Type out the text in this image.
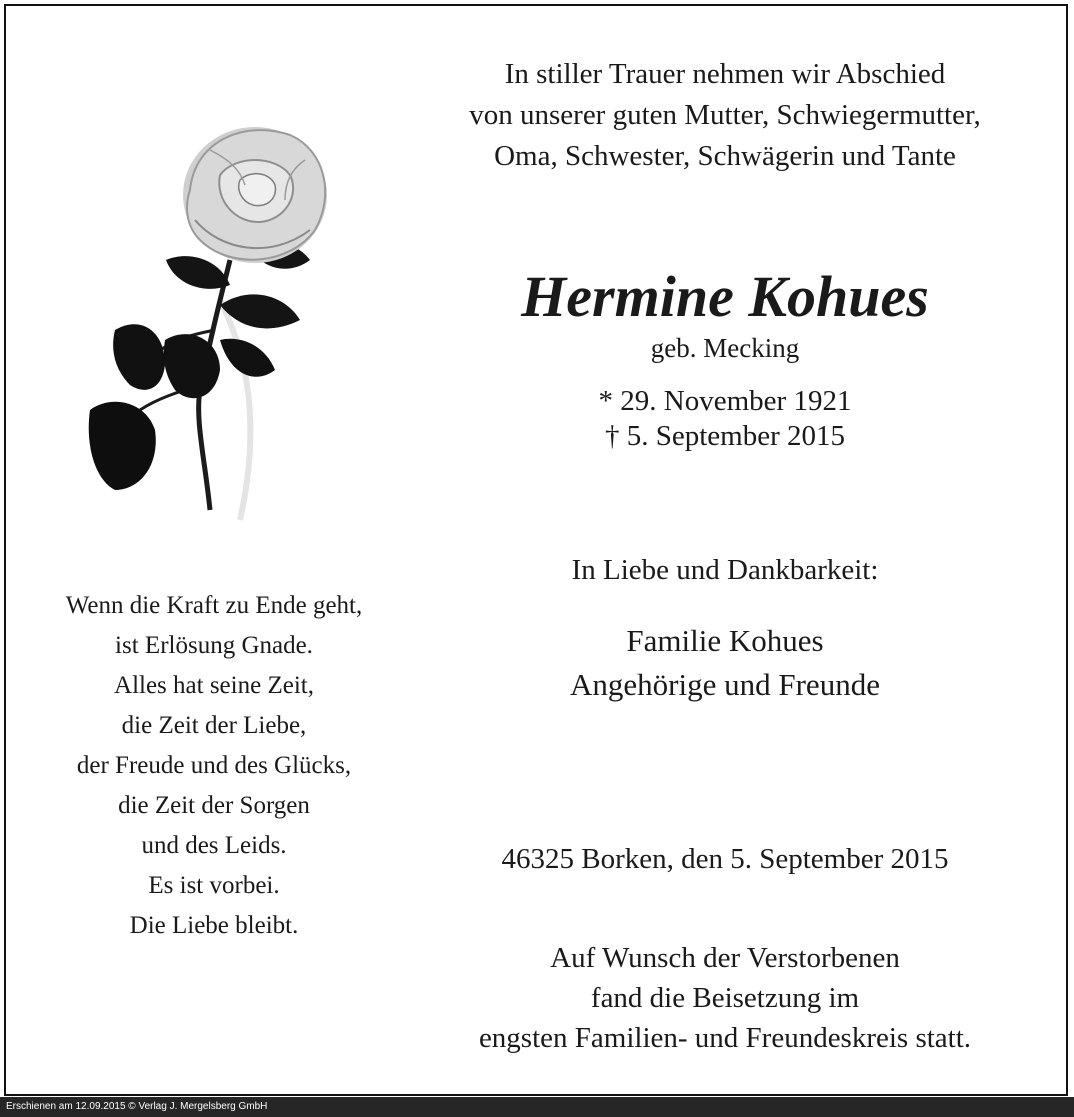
In stiller Trauer nehmen wir Abschied
von unserer guten Mutter, Schwiegermutter,
Oma, Schwester, Schwägerin und Tante
Hermine Kohues
geb. Mecking
* 29. November 1921
† 5. September 2015
In Liebe und Dankbarkeit:
Familie Kohues
Angehörige und Freunde
46325 Borken, den 5. September 2015
Auf Wunsch der Verstorbenen
fand die Beisetzung im
engsten Familien- und Freundeskreis statt.
Wenn die Kraft zu Ende geht,
ist Erlösung Gnade.
Alles hat seine Zeit,
die Zeit der Liebe,
der Freude und des Glücks,
die Zeit der Sorgen
und des Leids.
Es ist vorbei.
Die Liebe bleibt.
Erschienen am 12.09.2015 © Verlag J. Mergelsberg GmbH
